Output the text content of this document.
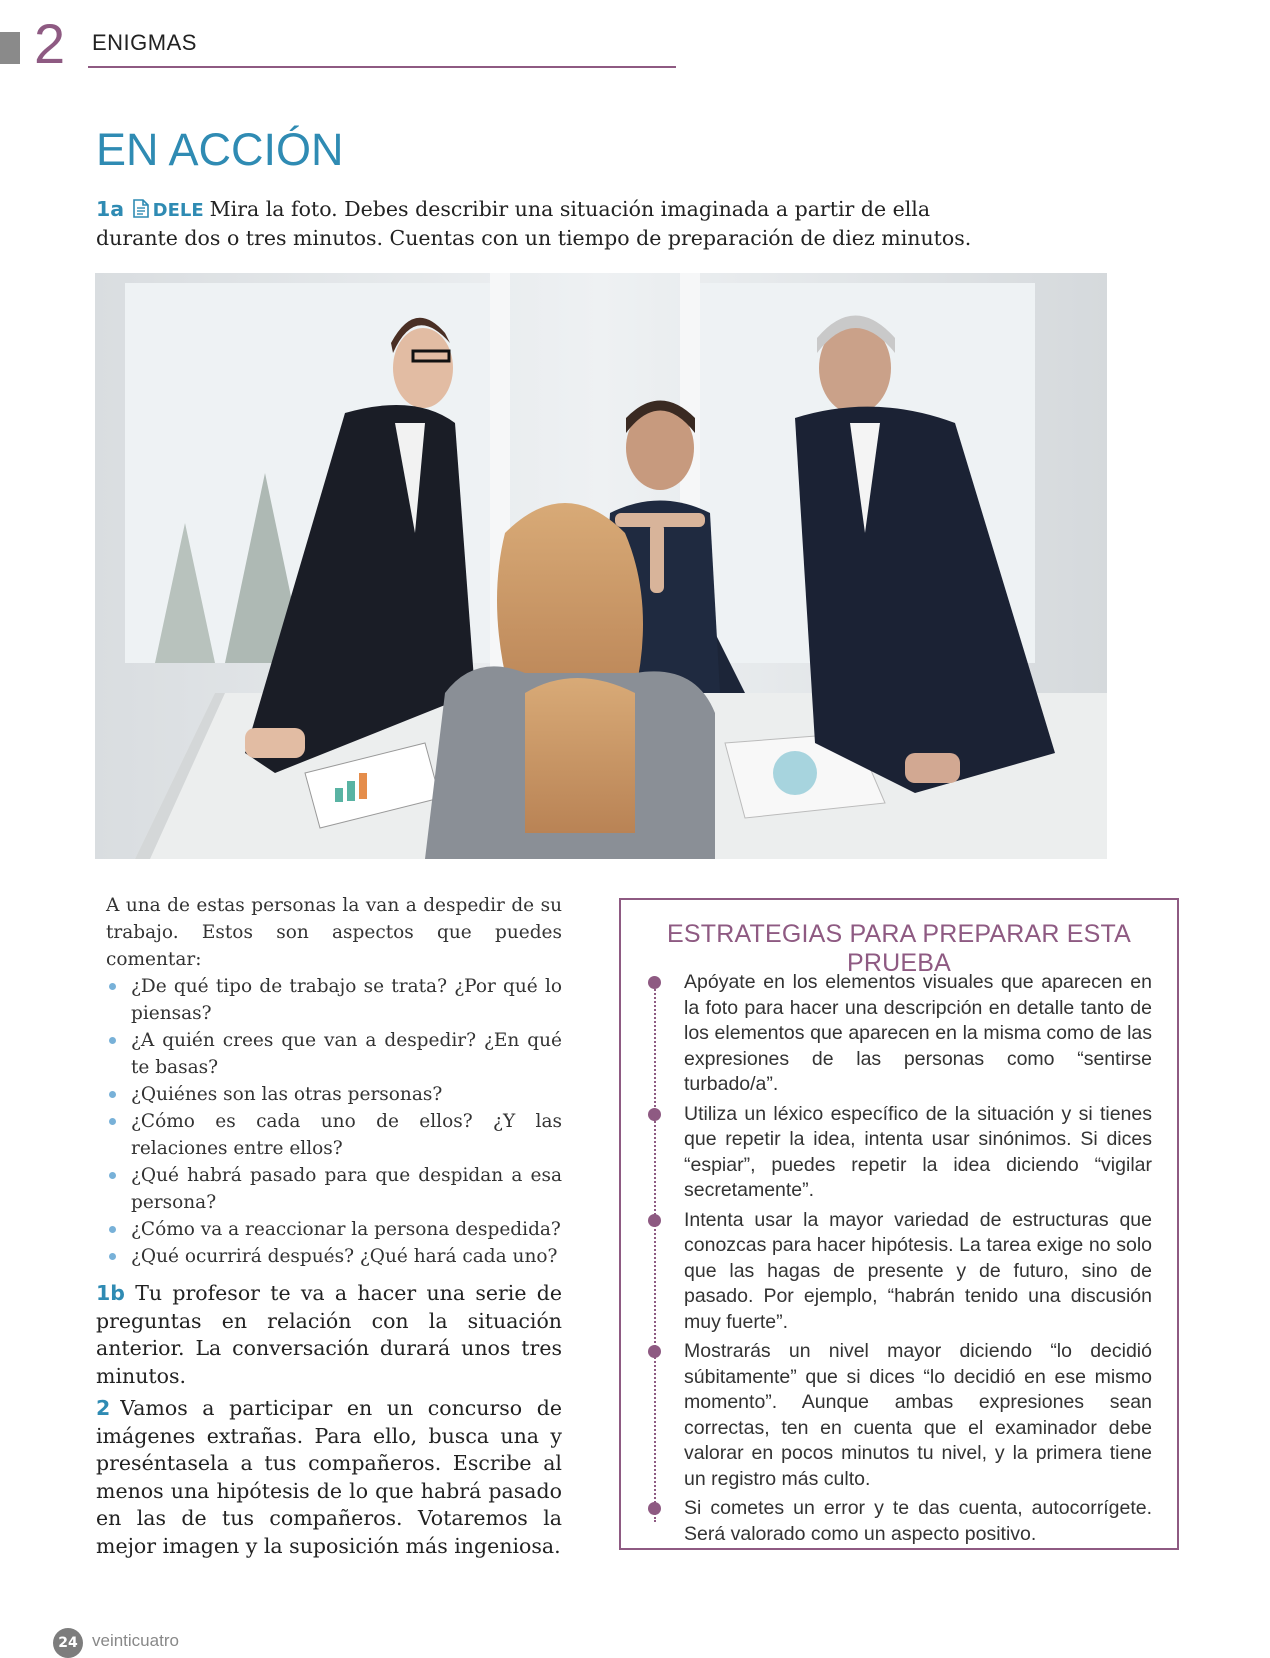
2 ENIGMAS
EN ACCIÓN
1a DELE Mira la foto. Debes describir una situación imaginada a partir de ella durante dos o tres minutos. Cuentas con un tiempo de preparación de diez minutos.

A una de estas personas la van a despedir de su trabajo. Estos son aspectos que puedes comentar:

¿De qué tipo de trabajo se trata? ¿Por qué lo piensas?
¿A quién crees que van a despedir? ¿En qué te basas?
¿Quiénes son las otras personas?
¿Cómo es cada uno de ellos? ¿Y las relaciones entre ellos?
¿Qué habrá pasado para que despidan a esa persona?
¿Cómo va a reaccionar la persona despedida?
¿Qué ocurrirá después? ¿Qué hará cada uno?
1b Tu profesor te va a hacer una serie de preguntas en relación con la situación anterior. La conversación durará unos tres minutos.
2 Vamos a participar en un concurso de imágenes extrañas. Para ello, busca una y preséntasela a tus compañeros. Escribe al menos una hipótesis de lo que habrá pasado en las de tus compañeros. Votaremos la mejor imagen y la suposición más ingeniosa.
ESTRATEGIAS PARA PREPARAR ESTA PRUEBA
Apóyate en los elementos visuales que aparecen en la foto para hacer una descripción en detalle tanto de los elementos que aparecen en la misma como de las expresiones de las personas como “sentirse turbado/a”.
Utiliza un léxico específico de la situación y si tienes que repetir la idea, intenta usar sinónimos. Si dices “espiar”, puedes repetir la idea diciendo “vigilar secretamente”.
Intenta usar la mayor variedad de estructuras que conozcas para hacer hipótesis. La tarea exige no solo que las hagas de presente y de futuro, sino de pasado. Por ejemplo, “habrán tenido una discusión muy fuerte”.
Mostrarás un nivel mayor diciendo “lo decidió súbitamente” que si dices “lo decidió en ese mismo momento”. Aunque ambas expresiones sean correctas, ten en cuenta que el examinador debe valorar en pocos minutos tu nivel, y la primera tiene un registro más culto.
Si cometes un error y te das cuenta, autocorrígete. Será valorado como un aspecto positivo.
24 veinticuatro
